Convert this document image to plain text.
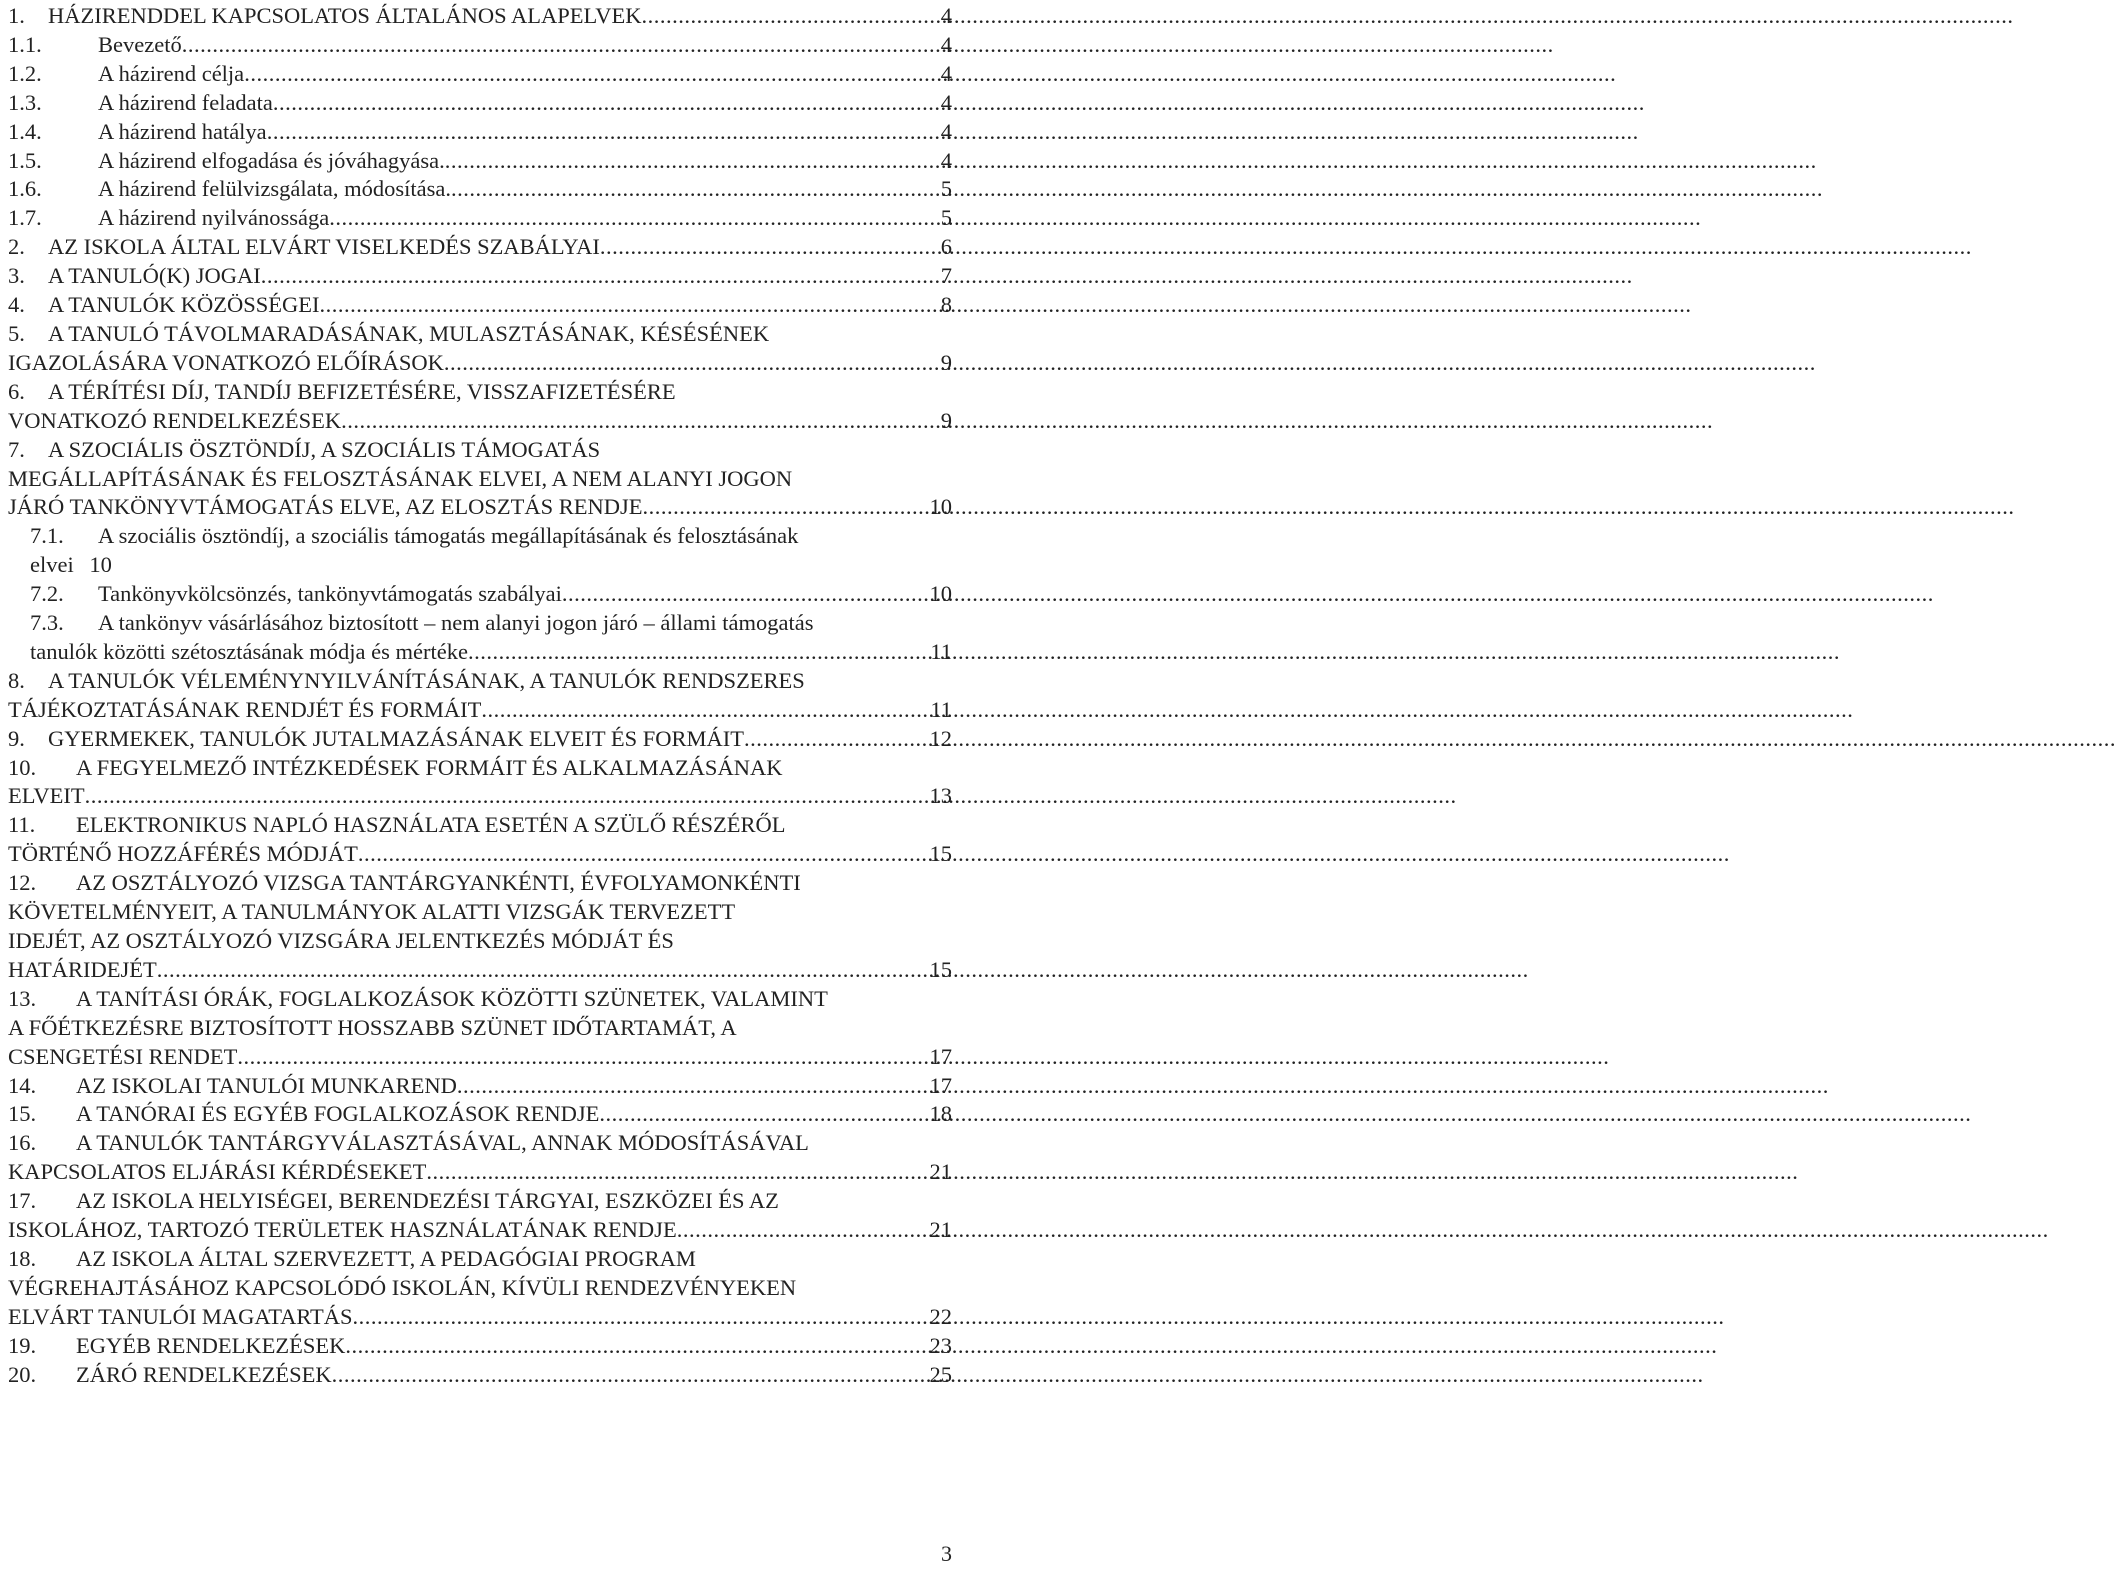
1.	HÁZIRENDDEL KAPCSOLATOS ÁLTALÁNOS ALAPELVEK .....	4
1.1.	Bevezető .....	4
1.2.	A házirend célja .....	4
1.3.	A házirend feladata .....	4
1.4.	A házirend hatálya .....	4
1.5.	A házirend elfogadása és jóváhagyása. .....	4
1.6.	A házirend felülvizsgálata, módosítása. .....	5
1.7.	A házirend nyilvánossága .....	5
2.	AZ ISKOLA ÁLTAL ELVÁRT VISELKEDÉS SZABÁLYAI .....	6
3.	A TANULÓ(K) JOGAI .....	7
4.	A TANULÓK KÖZÖSSÉGEI .....	8
5. A TANULÓ TÁVOLMARADÁSÁNAK, MULASZTÁSÁNAK, KÉSÉSÉNEK
IGAZOLÁSÁRA VONATKOZÓ ELŐÍRÁSOK .....	9
6. A TÉRÍTÉSI DÍJ, TANDÍJ BEFIZETÉSÉRE, VISSZAFIZETÉSÉRE
VONATKOZÓ RENDELKEZÉSEK .....	9
7. A SZOCIÁLIS ÖSZTÖNDÍJ, A SZOCIÁLIS TÁMOGATÁS
MEGÁLLAPÍTÁSÁNAK ÉS FELOSZTÁSÁNAK ELVEI, A NEM ALANYI JOGON
JÁRÓ TANKÖNYVTÁMOGATÁS ELVE, AZ ELOSZTÁS RENDJE .....	10
7.1. A szociális ösztöndíj, a szociális támogatás megállapításának és felosztásának
elvei 10
7.2.	Tankönyvkölcsönzés, tankönyvtámogatás szabályai .....	10
7.3. A tankönyv vásárlásához biztosított – nem alanyi jogon járó – állami támogatás
tanulók közötti szétosztásának módja és mértéke .....	11
8. A TANULÓK VÉLEMÉNYNYILVÁNÍTÁSÁNAK, A TANULÓK RENDSZERES
TÁJÉKOZTATÁSÁNAK RENDJÉT ÉS FORMÁIT .....	11
9.	GYERMEKEK, TANULÓK JUTALMAZÁSÁNAK ELVEIT ÉS FORMÁIT .....	12
10. A FEGYELMEZŐ INTÉZKEDÉSEK FORMÁIT ÉS ALKALMAZÁSÁNAK
ELVEIT .....	13
11. ELEKTRONIKUS NAPLÓ HASZNÁLATA ESETÉN A SZÜLŐ RÉSZÉRŐL
TÖRTÉNŐ HOZZÁFÉRÉS MÓDJÁT .....	15
12. AZ OSZTÁLYOZÓ VIZSGA TANTÁRGYANKÉNTI, ÉVFOLYAMONKÉNTI
KÖVETELMÉNYEIT, A TANULMÁNYOK ALATTI VIZSGÁK TERVEZETT
IDEJÉT, AZ OSZTÁLYOZÓ VIZSGÁRA JELENTKEZÉS MÓDJÁT ÉS
HATÁRIDEJÉT .....	15
13. A TANÍTÁSI ÓRÁK, FOGLALKOZÁSOK KÖZÖTTI SZÜNETEK, VALAMINT
A FŐÉTKEZÉSRE BIZTOSÍTOTT HOSSZABB SZÜNET IDŐTARTAMÁT, A
CSENGETÉSI RENDET .....	17
14.	AZ ISKOLAI TANULÓI MUNKAREND .....	17
15.	A TANÓRAI ÉS EGYÉB FOGLALKOZÁSOK RENDJE .....	18
16. A TANULÓK TANTÁRGYVÁLASZTÁSÁVAL, ANNAK MÓDOSÍTÁSÁVAL
KAPCSOLATOS ELJÁRÁSI KÉRDÉSEKET .....	21
17. AZ ISKOLA HELYISÉGEI, BERENDEZÉSI TÁRGYAI, ESZKÖZEI ÉS AZ
ISKOLÁHOZ, TARTOZÓ TERÜLETEK HASZNÁLATÁNAK RENDJE .....	21
18. AZ ISKOLA ÁLTAL SZERVEZETT, A PEDAGÓGIAI PROGRAM
VÉGREHAJTÁSÁHOZ KAPCSOLÓDÓ ISKOLÁN, KÍVÜLI RENDEZVÉNYEKEN
ELVÁRT TANULÓI MAGATARTÁS .....	22
19.	EGYÉB RENDELKEZÉSEK .....	23
20.	ZÁRÓ RENDELKEZÉSEK .....	25
3
